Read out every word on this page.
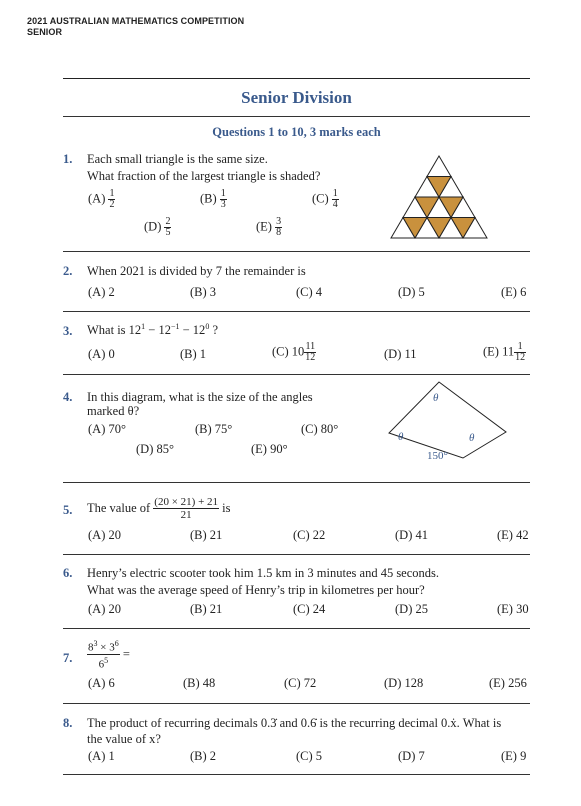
2021 AUSTRALIAN MATHEMATICS COMPETITION
SENIOR
Senior Division
Questions 1 to 10, 3 marks each
1. Each small triangle is the same size.
What fraction of the largest triangle is shaded?
$(A) \frac{1}{2}$	$(B) \frac{1}{3}$	$(C) \frac{1}{4}$
$(D) \frac{2}{5}$	$(E) \frac{3}{8}$
2. When 2021 is divided by 7 the remainder is
(A) 2	(B) 3	(C) 4	(D) 5	(E) 6
3. What is $12^1 - 12^{-1} - 12^0$ ?
(A) 0	(B) 1	(C) $10 \frac{11}{12}$	(D) 11	(E) $11 \frac{1}{12}$
4. In this diagram, what is the size of the angles
marked θ?
(A) 70°	(B) 75°	(C) 80°
(D) 85°	(E) 90°
θ
θ	θ
150°
5. The value of
$\frac{(20 \times 21) + 21}{21}$
is
(A) 20	(B) 21	(C) 22	(D) 41	(E) 42
6. Henry’s electric scooter took him 1.5 km in 3 minutes and 45 seconds.
What was the average speed of Henry’s trip in kilometres per hour?
(A) 20	(B) 21	(C) 24	(D) 25	(E) 30
7. $\frac{8^3 \times 3^6}{6^5}$
=
(A) 6	(B) 48	(C) 72	(D) 128	(E) 256
8. The product of recurring decimals 0.3̇ and 0.6̇ is the recurring decimal 0.ẋ. What is
the value of x?
(A) 1	(B) 2	(C) 5	(D) 7	(E) 9
